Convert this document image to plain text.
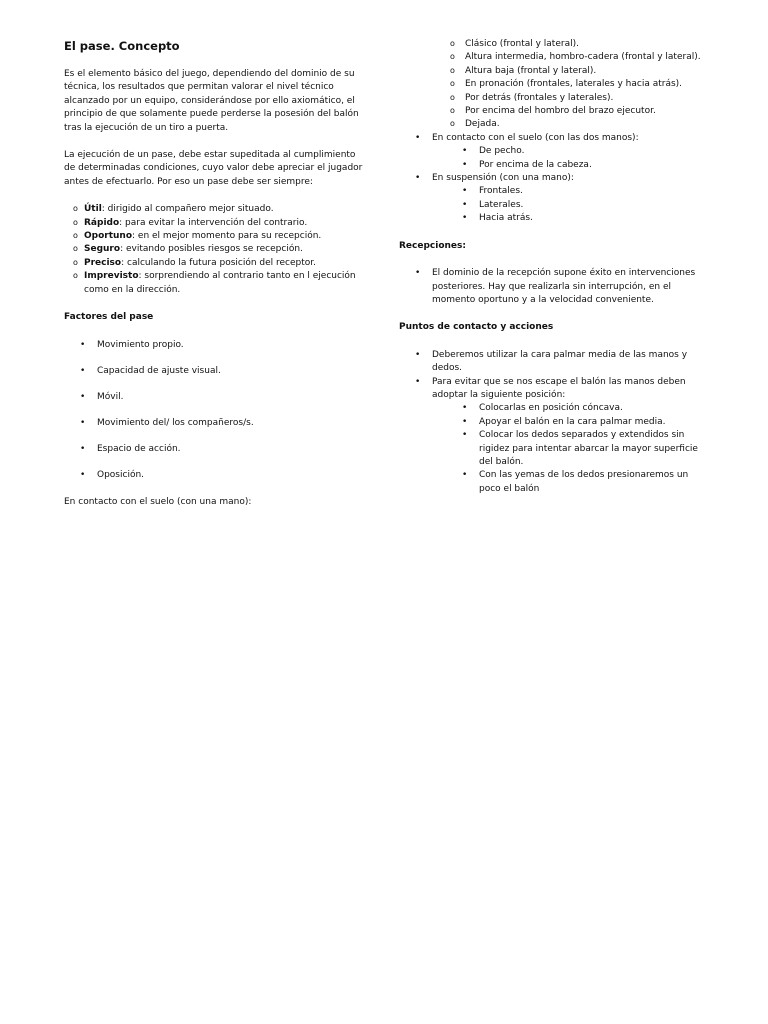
El pase. Concepto

Es el elemento básico del juego, dependiendo del dominio de su técnica, los resultados que permitan valorar el nivel técnico alcanzado por un equipo, considerándose por ello axiomático, el principio de que solamente puede perderse la posesión del balón tras la ejecución de un tiro a puerta.

La ejecución de un pase, debe estar supeditada al cumplimiento de determinadas condiciones, cuyo valor debe apreciar el jugador antes de efectuarlo. Por eso un pase debe ser siempre:

o Útil: dirigido al compañero mejor situado.
o Rápido: para evitar la intervención del contrario.
o Oportuno: en el mejor momento para su recepción.
o Seguro: evitando posibles riesgos se recepción.
o Preciso: calculando la futura posición del receptor.
o Imprevisto: sorprendiendo al contrario tanto en l ejecución como en la dirección.
Factores del pase
• Movimiento propio.
• Capacidad de ajuste visual.
• Móvil.
• Movimiento del/ los compañeros/s.
• Espacio de acción.
• Oposición.

En contacto con el suelo (con una mano):

o Clásico (frontal y lateral).
o Altura intermedia, hombro-cadera (frontal y lateral).
o Altura baja (frontal y lateral).
o En pronación (frontales, laterales y hacia atrás).
o Por detrás (frontales y laterales).
o Por encima del hombro del brazo ejecutor.
o Dejada.
• En contacto con el suelo (con las dos manos):
• De pecho.
• Por encima de la cabeza.
• En suspensión (con una mano):
• Frontales.
• Laterales.
• Hacia atrás.
Recepciones:
• El dominio de la recepción supone éxito en intervenciones posteriores. Hay que realizarla sin interrupción, en el momento oportuno y a la velocidad conveniente.
Puntos de contacto y acciones
• Deberemos utilizar la cara palmar media de las manos y dedos.
• Para evitar que se nos escape el balón las manos deben adoptar la siguiente posición:
• Colocarlas en posición cóncava.
• Apoyar el balón en la cara palmar media.
• Colocar los dedos separados y extendidos sin rigidez para intentar abarcar la mayor superficie del balón.
• Con las yemas de los dedos presionaremos un poco el balón
